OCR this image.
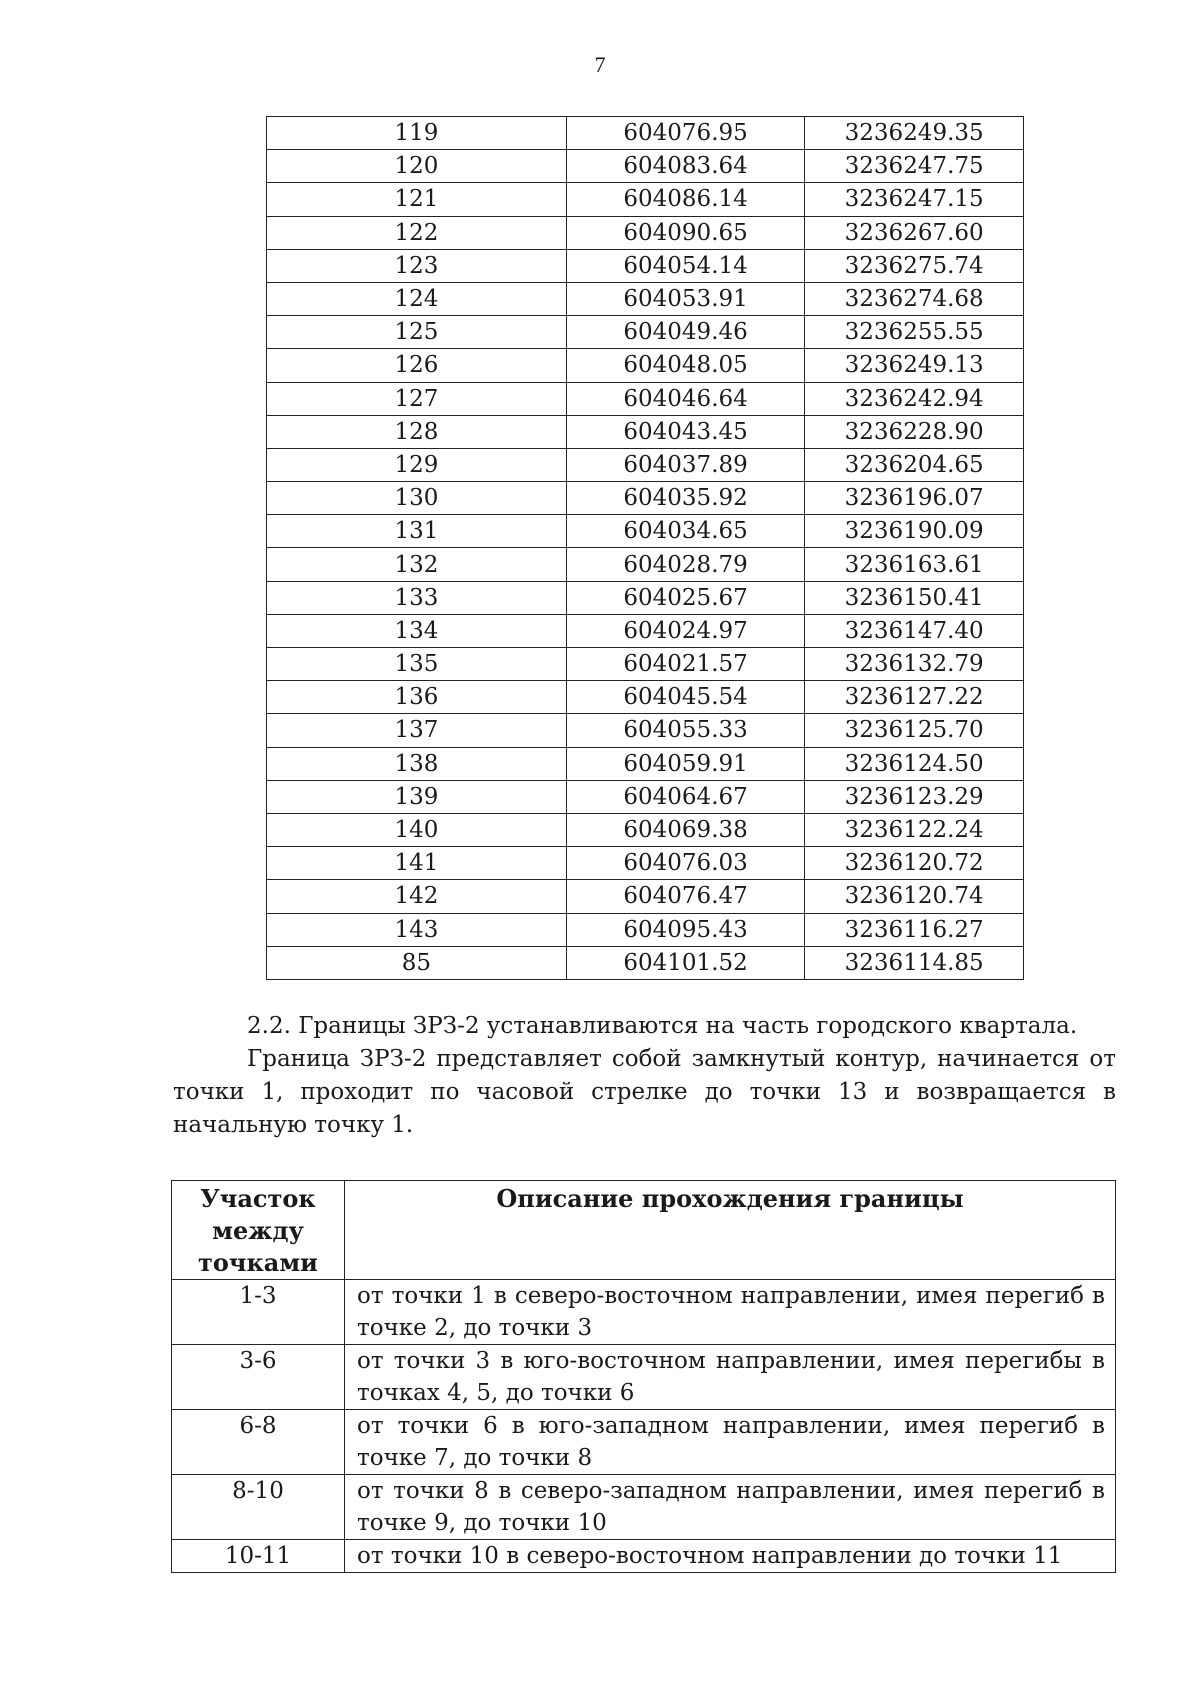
7
119	604076.95	3236249.35
120	604083.64	3236247.75
121	604086.14	3236247.15
122	604090.65	3236267.60
123	604054.14	3236275.74
124	604053.91	3236274.68
125	604049.46	3236255.55
126	604048.05	3236249.13
127	604046.64	3236242.94
128	604043.45	3236228.90
129	604037.89	3236204.65
130	604035.92	3236196.07
131	604034.65	3236190.09
132	604028.79	3236163.61
133	604025.67	3236150.41
134	604024.97	3236147.40
135	604021.57	3236132.79
136	604045.54	3236127.22
137	604055.33	3236125.70
138	604059.91	3236124.50
139	604064.67	3236123.29
140	604069.38	3236122.24
141	604076.03	3236120.72
142	604076.47	3236120.74
143	604095.43	3236116.27
85	604101.52	3236114.85

2.2. Границы ЗРЗ-2 устанавливаются на часть городского квартала.

Граница ЗРЗ-2 представляет собой замкнутый контур, начинается от точки 1, проходит по часовой стрелке до точки 13 и возвращается в начальную точку 1.

Участок между точками	Описание прохождения границы
1-3	от точки 1 в северо-восточном направлении, имея перегиб в точке 2, до точки 3
3-6	от точки 3 в юго-восточном направлении, имея перегибы в точках 4, 5, до точки 6
6-8	от точки 6 в юго-западном направлении, имея перегиб в точке 7, до точки 8
8-10	от точки 8 в северо-западном направлении, имея перегиб в точке 9, до точки 10
10-11	от точки 10 в северо-восточном направлении до точки 11
